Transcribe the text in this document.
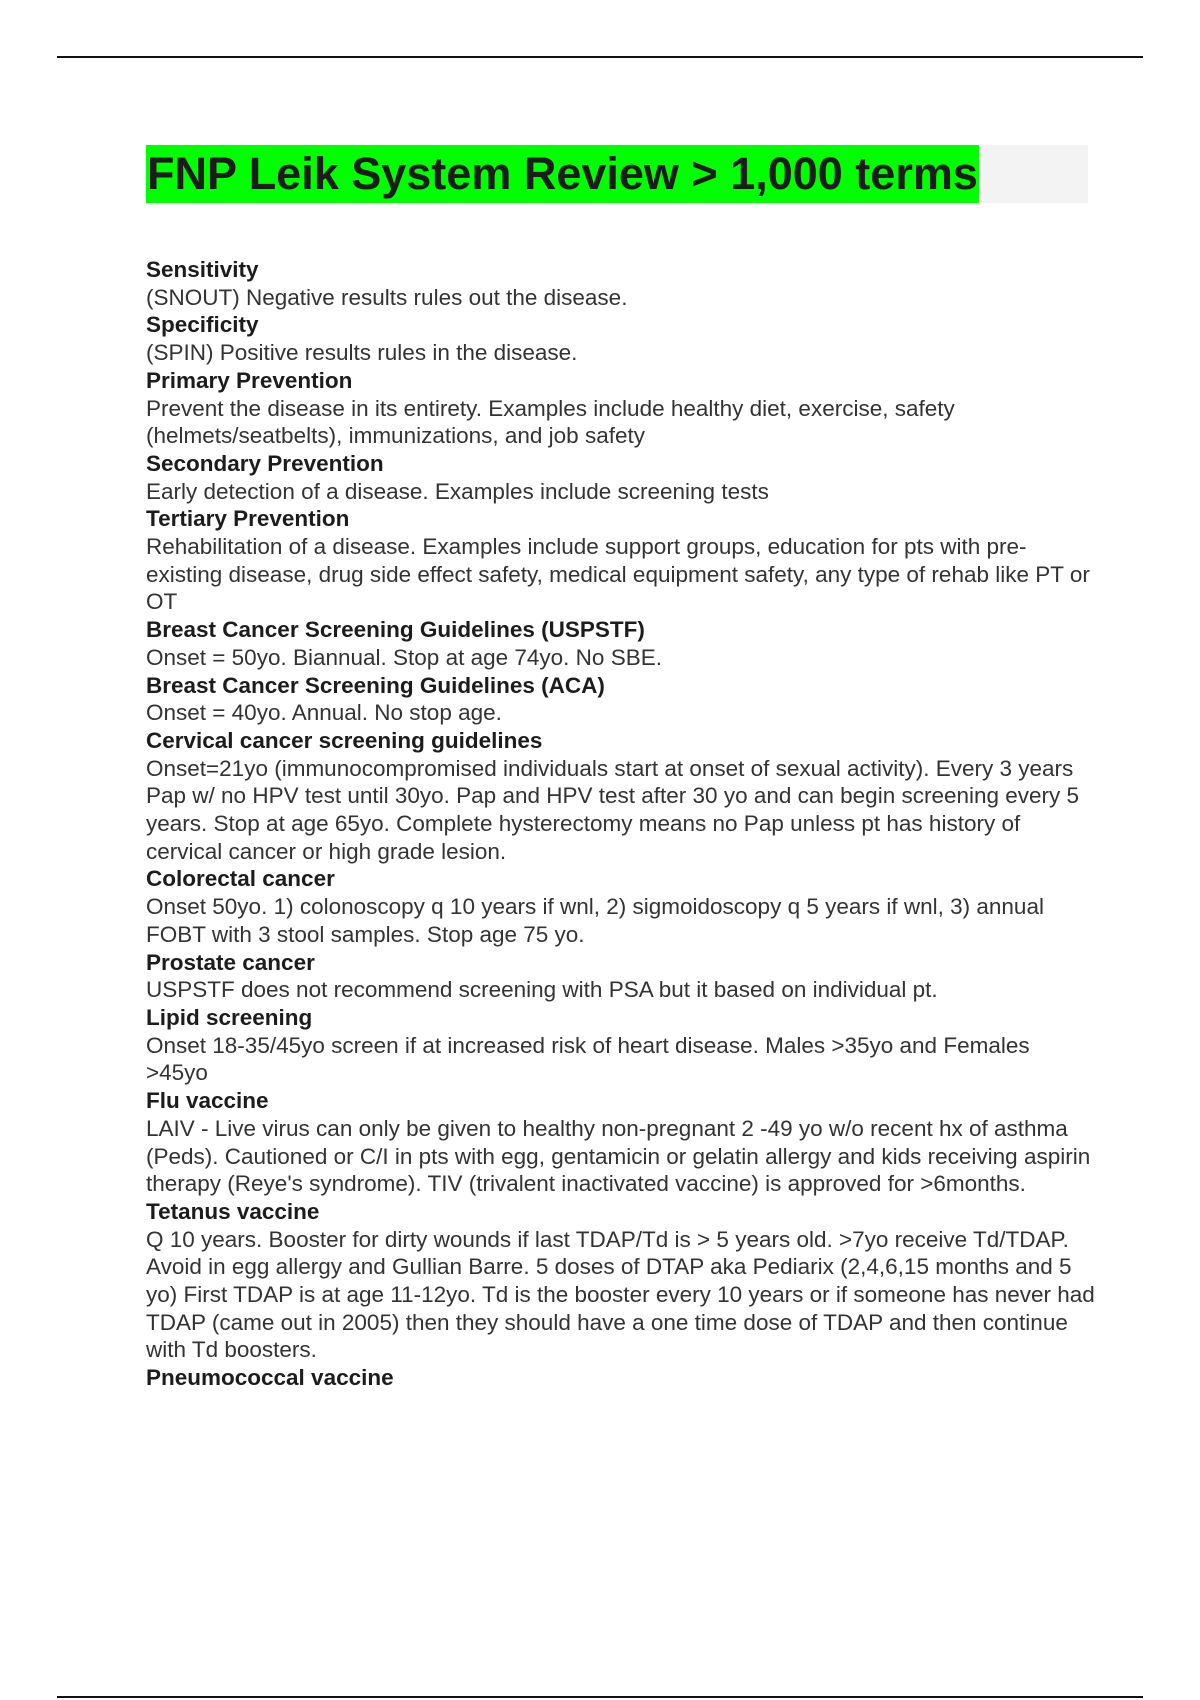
FNP Leik System Review > 1,000 terms
Sensitivity
(SNOUT) Negative results rules out the disease.
Specificity
(SPIN) Positive results rules in the disease.
Primary Prevention
Prevent the disease in its entirety. Examples include healthy diet, exercise, safety (helmets/seatbelts), immunizations, and job safety
Secondary Prevention
Early detection of a disease. Examples include screening tests
Tertiary Prevention
Rehabilitation of a disease. Examples include support groups, education for pts with pre-existing disease, drug side effect safety, medical equipment safety, any type of rehab like PT or OT
Breast Cancer Screening Guidelines (USPSTF)
Onset = 50yo. Biannual. Stop at age 74yo. No SBE.
Breast Cancer Screening Guidelines (ACA)
Onset = 40yo. Annual. No stop age.
Cervical cancer screening guidelines
Onset=21yo (immunocompromised individuals start at onset of sexual activity). Every 3 years Pap w/ no HPV test until 30yo. Pap and HPV test after 30 yo and can begin screening every 5 years. Stop at age 65yo. Complete hysterectomy means no Pap unless pt has history of cervical cancer or high grade lesion.
Colorectal cancer
Onset 50yo. 1) colonoscopy q 10 years if wnl, 2) sigmoidoscopy q 5 years if wnl, 3) annual FOBT with 3 stool samples. Stop age 75 yo.
Prostate cancer
USPSTF does not recommend screening with PSA but it based on individual pt.
Lipid screening
Onset 18-35/45yo screen if at increased risk of heart disease. Males >35yo and Females >45yo
Flu vaccine
LAIV - Live virus can only be given to healthy non-pregnant 2 -49 yo w/o recent hx of asthma (Peds). Cautioned or C/I in pts with egg, gentamicin or gelatin allergy and kids receiving aspirin therapy (Reye's syndrome). TIV (trivalent inactivated vaccine) is approved for >6months.
Tetanus vaccine
Q 10 years. Booster for dirty wounds if last TDAP/Td is > 5 years old. >7yo receive Td/TDAP. Avoid in egg allergy and Gullian Barre. 5 doses of DTAP aka Pediarix (2,4,6,15 months and 5 yo) First TDAP is at age 11-12yo. Td is the booster every 10 years or if someone has never had TDAP (came out in 2005) then they should have a one time dose of TDAP and then continue with Td boosters.
Pneumococcal vaccine
